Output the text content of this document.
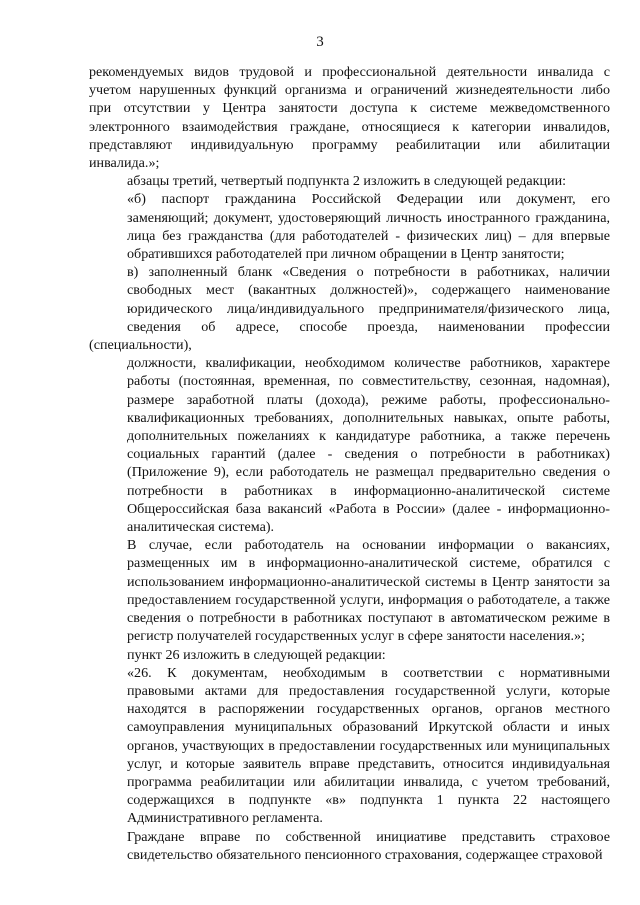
3

рекомендуемых видов трудовой и профессиональной деятельности инвалида с
учетом нарушенных функций организма и ограничений жизнедеятельности либо
при отсутствии у Центра занятости доступа к системе межведомственного
электронного взаимодействия граждане, относящиеся к категории инвалидов,
представляют индивидуальную программу реабилитации или абилитации
инвалида.»;

абзацы третий, четвертый подпункта 2 изложить в следующей редакции:

«б) паспорт гражданина Российской Федерации или документ, его
заменяющий; документ, удостоверяющий личность иностранного гражданина,
лица без гражданства (для работодателей - физических лиц) – для впервые
обратившихся работодателей при личном обращении в Центр занятости;

в) заполненный бланк «Сведения о потребности в работниках, наличии
свободных мест (вакантных должностей)», содержащего наименование
юридического лица/индивидуального предпринимателя/физического лица,
сведения об адресе, способе проезда, наименовании профессии (специальности),
должности, квалификации, необходимом количестве работников, характере
работы (постоянная, временная, по совместительству, сезонная, надомная),
размере заработной платы (дохода), режиме работы, профессионально-
квалификационных требованиях, дополнительных навыках, опыте работы,
дополнительных пожеланиях к кандидатуре работника, а также перечень
социальных гарантий (далее - сведения о потребности в работниках)
(Приложение 9), если работодатель не размещал предварительно сведения о
потребности в работниках в информационно-аналитической системе
Общероссийская база вакансий «Работа в России» (далее - информационно-
аналитическая система).

В случае, если работодатель на основании информации о вакансиях,
размещенных им в информационно-аналитической системе, обратился с
использованием информационно-аналитической системы в Центр занятости за
предоставлением государственной услуги, информация о работодателе, а также
сведения о потребности в работниках поступают в автоматическом режиме в
регистр получателей государственных услуг в сфере занятости населения.»;

пункт 26 изложить в следующей редакции:

«26. К документам, необходимым в соответствии с нормативными
правовыми актами для предоставления государственной услуги, которые
находятся в распоряжении государственных органов, органов местного
самоуправления муниципальных образований Иркутской области и иных
органов, участвующих в предоставлении государственных или муниципальных
услуг, и которые заявитель вправе представить, относится индивидуальная
программа реабилитации или абилитации инвалида, с учетом требований,
содержащихся в подпункте «в» подпункта 1 пункта 22 настоящего
Административного регламента.

Граждане вправе по собственной инициативе представить страховое
свидетельство обязательного пенсионного страхования, содержащее страховой
